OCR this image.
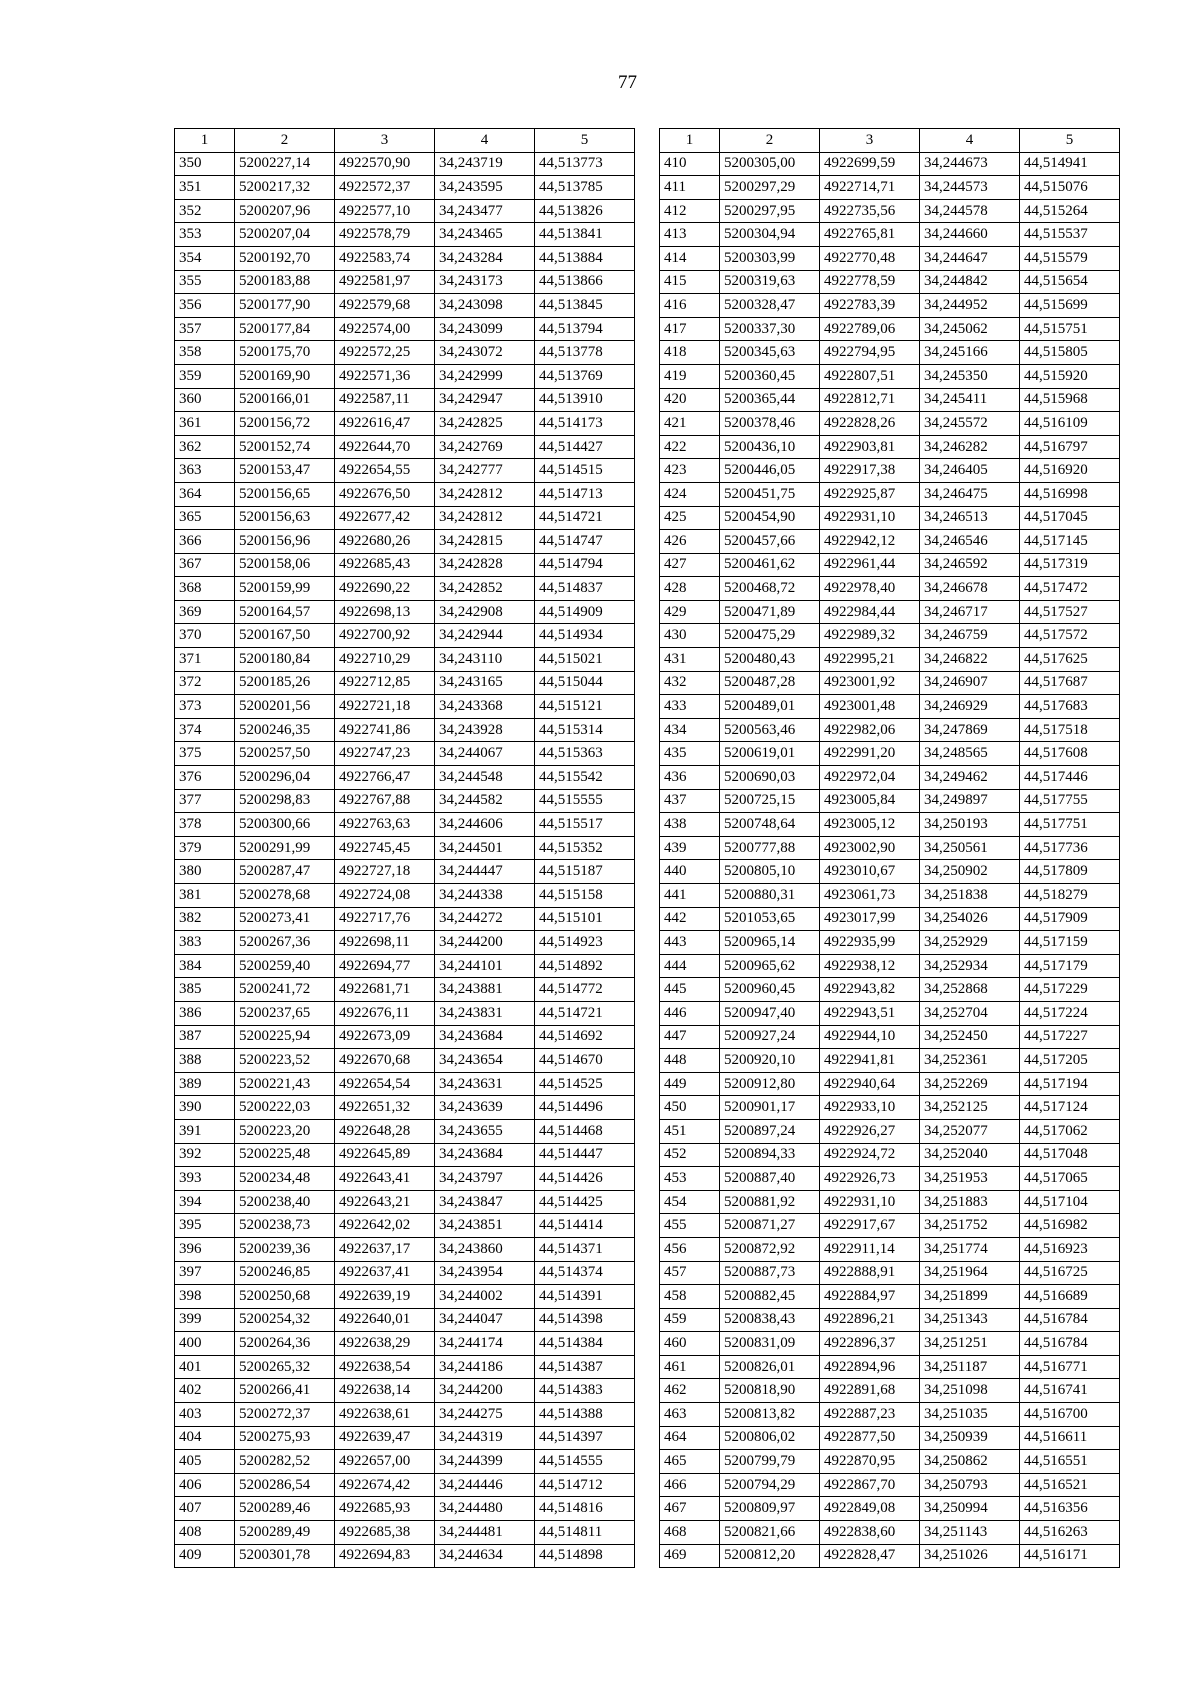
77
1	2	3	4	5
350	5200227,14	4922570,90	34,243719	44,513773
351	5200217,32	4922572,37	34,243595	44,513785
352	5200207,96	4922577,10	34,243477	44,513826
353	5200207,04	4922578,79	34,243465	44,513841
354	5200192,70	4922583,74	34,243284	44,513884
355	5200183,88	4922581,97	34,243173	44,513866
356	5200177,90	4922579,68	34,243098	44,513845
357	5200177,84	4922574,00	34,243099	44,513794
358	5200175,70	4922572,25	34,243072	44,513778
359	5200169,90	4922571,36	34,242999	44,513769
360	5200166,01	4922587,11	34,242947	44,513910
361	5200156,72	4922616,47	34,242825	44,514173
362	5200152,74	4922644,70	34,242769	44,514427
363	5200153,47	4922654,55	34,242777	44,514515
364	5200156,65	4922676,50	34,242812	44,514713
365	5200156,63	4922677,42	34,242812	44,514721
366	5200156,96	4922680,26	34,242815	44,514747
367	5200158,06	4922685,43	34,242828	44,514794
368	5200159,99	4922690,22	34,242852	44,514837
369	5200164,57	4922698,13	34,242908	44,514909
370	5200167,50	4922700,92	34,242944	44,514934
371	5200180,84	4922710,29	34,243110	44,515021
372	5200185,26	4922712,85	34,243165	44,515044
373	5200201,56	4922721,18	34,243368	44,515121
374	5200246,35	4922741,86	34,243928	44,515314
375	5200257,50	4922747,23	34,244067	44,515363
376	5200296,04	4922766,47	34,244548	44,515542
377	5200298,83	4922767,88	34,244582	44,515555
378	5200300,66	4922763,63	34,244606	44,515517
379	5200291,99	4922745,45	34,244501	44,515352
380	5200287,47	4922727,18	34,244447	44,515187
381	5200278,68	4922724,08	34,244338	44,515158
382	5200273,41	4922717,76	34,244272	44,515101
383	5200267,36	4922698,11	34,244200	44,514923
384	5200259,40	4922694,77	34,244101	44,514892
385	5200241,72	4922681,71	34,243881	44,514772
386	5200237,65	4922676,11	34,243831	44,514721
387	5200225,94	4922673,09	34,243684	44,514692
388	5200223,52	4922670,68	34,243654	44,514670
389	5200221,43	4922654,54	34,243631	44,514525
390	5200222,03	4922651,32	34,243639	44,514496
391	5200223,20	4922648,28	34,243655	44,514468
392	5200225,48	4922645,89	34,243684	44,514447
393	5200234,48	4922643,41	34,243797	44,514426
394	5200238,40	4922643,21	34,243847	44,514425
395	5200238,73	4922642,02	34,243851	44,514414
396	5200239,36	4922637,17	34,243860	44,514371
397	5200246,85	4922637,41	34,243954	44,514374
398	5200250,68	4922639,19	34,244002	44,514391
399	5200254,32	4922640,01	34,244047	44,514398
400	5200264,36	4922638,29	34,244174	44,514384
401	5200265,32	4922638,54	34,244186	44,514387
402	5200266,41	4922638,14	34,244200	44,514383
403	5200272,37	4922638,61	34,244275	44,514388
404	5200275,93	4922639,47	34,244319	44,514397
405	5200282,52	4922657,00	34,244399	44,514555
406	5200286,54	4922674,42	34,244446	44,514712
407	5200289,46	4922685,93	34,244480	44,514816
408	5200289,49	4922685,38	34,244481	44,514811
409	5200301,78	4922694,83	34,244634	44,514898
1	2	3	4	5
410	5200305,00	4922699,59	34,244673	44,514941
411	5200297,29	4922714,71	34,244573	44,515076
412	5200297,95	4922735,56	34,244578	44,515264
413	5200304,94	4922765,81	34,244660	44,515537
414	5200303,99	4922770,48	34,244647	44,515579
415	5200319,63	4922778,59	34,244842	44,515654
416	5200328,47	4922783,39	34,244952	44,515699
417	5200337,30	4922789,06	34,245062	44,515751
418	5200345,63	4922794,95	34,245166	44,515805
419	5200360,45	4922807,51	34,245350	44,515920
420	5200365,44	4922812,71	34,245411	44,515968
421	5200378,46	4922828,26	34,245572	44,516109
422	5200436,10	4922903,81	34,246282	44,516797
423	5200446,05	4922917,38	34,246405	44,516920
424	5200451,75	4922925,87	34,246475	44,516998
425	5200454,90	4922931,10	34,246513	44,517045
426	5200457,66	4922942,12	34,246546	44,517145
427	5200461,62	4922961,44	34,246592	44,517319
428	5200468,72	4922978,40	34,246678	44,517472
429	5200471,89	4922984,44	34,246717	44,517527
430	5200475,29	4922989,32	34,246759	44,517572
431	5200480,43	4922995,21	34,246822	44,517625
432	5200487,28	4923001,92	34,246907	44,517687
433	5200489,01	4923001,48	34,246929	44,517683
434	5200563,46	4922982,06	34,247869	44,517518
435	5200619,01	4922991,20	34,248565	44,517608
436	5200690,03	4922972,04	34,249462	44,517446
437	5200725,15	4923005,84	34,249897	44,517755
438	5200748,64	4923005,12	34,250193	44,517751
439	5200777,88	4923002,90	34,250561	44,517736
440	5200805,10	4923010,67	34,250902	44,517809
441	5200880,31	4923061,73	34,251838	44,518279
442	5201053,65	4923017,99	34,254026	44,517909
443	5200965,14	4922935,99	34,252929	44,517159
444	5200965,62	4922938,12	34,252934	44,517179
445	5200960,45	4922943,82	34,252868	44,517229
446	5200947,40	4922943,51	34,252704	44,517224
447	5200927,24	4922944,10	34,252450	44,517227
448	5200920,10	4922941,81	34,252361	44,517205
449	5200912,80	4922940,64	34,252269	44,517194
450	5200901,17	4922933,10	34,252125	44,517124
451	5200897,24	4922926,27	34,252077	44,517062
452	5200894,33	4922924,72	34,252040	44,517048
453	5200887,40	4922926,73	34,251953	44,517065
454	5200881,92	4922931,10	34,251883	44,517104
455	5200871,27	4922917,67	34,251752	44,516982
456	5200872,92	4922911,14	34,251774	44,516923
457	5200887,73	4922888,91	34,251964	44,516725
458	5200882,45	4922884,97	34,251899	44,516689
459	5200838,43	4922896,21	34,251343	44,516784
460	5200831,09	4922896,37	34,251251	44,516784
461	5200826,01	4922894,96	34,251187	44,516771
462	5200818,90	4922891,68	34,251098	44,516741
463	5200813,82	4922887,23	34,251035	44,516700
464	5200806,02	4922877,50	34,250939	44,516611
465	5200799,79	4922870,95	34,250862	44,516551
466	5200794,29	4922867,70	34,250793	44,516521
467	5200809,97	4922849,08	34,250994	44,516356
468	5200821,66	4922838,60	34,251143	44,516263
469	5200812,20	4922828,47	34,251026	44,516171
